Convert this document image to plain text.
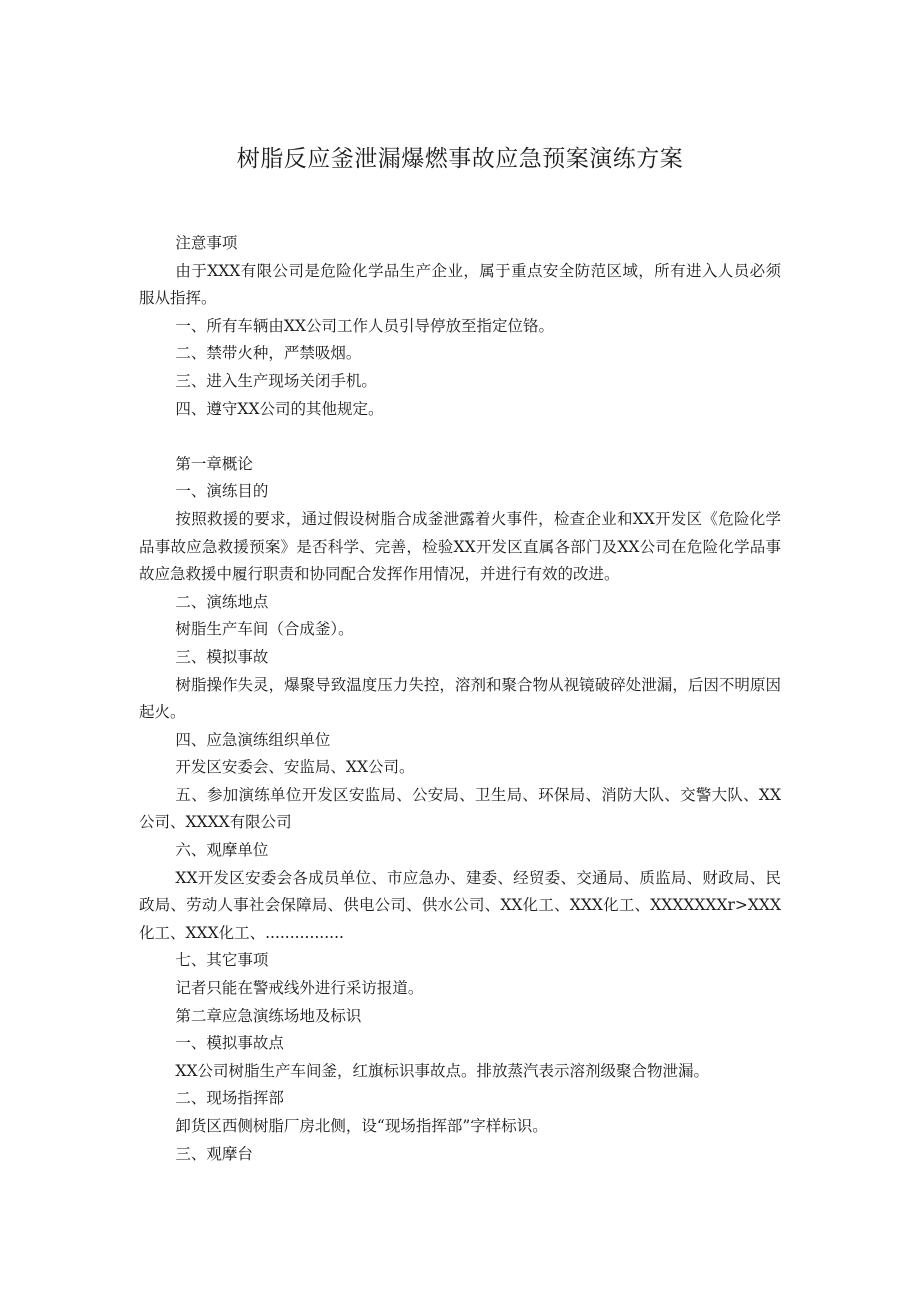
树脂反应釜泄漏爆燃事故应急预案演练方案

注意事项

由于XXX有限公司是危险化学品生产企业，属于重点安全防范区域，所有进入人员必须服从指挥。

一、所有车辆由XX公司工作人员引导停放至指定位铬。

二、禁带火种，严禁吸烟。

三、进入生产现场关闭手机。

四、遵守XX公司的其他规定。

第一章概论

一、演练目的

按照救援的要求，通过假设树脂合成釜泄露着火事件，检查企业和XX开发区《危险化学品事故应急救援预案》是否科学、完善，检验XX开发区直属各部门及XX公司在危险化学品事故应急救援中履行职责和协同配合发挥作用情况，并进行有效的改进。

二、演练地点

树脂生产车间（合成釜）。

三、模拟事故

树脂操作失灵，爆聚导致温度压力失控，溶剂和聚合物从视镜破碎处泄漏，后因不明原因起火。

四、应急演练组织单位

开发区安委会、安监局、XX公司。

五、参加演练单位开发区安监局、公安局、卫生局、环保局、消防大队、交警大队、XX公司、XXXX有限公司

六、观摩单位

XX开发区安委会各成员单位、市应急办、建委、经贸委、交通局、质监局、财政局、民政局、劳动人事社会保障局、供电公司、供水公司、XX化工、XXX化工、XXXXXXXr>XXX化工、XXX化工、................

七、其它事项

记者只能在警戒线外进行采访报道。

第二章应急演练场地及标识

一、模拟事故点

XX公司树脂生产车间釜，红旗标识事故点。排放蒸汽表示溶剂级聚合物泄漏。

二、现场指挥部

卸货区西侧树脂厂房北侧，设“现场指挥部”字样标识。

三、观摩台
